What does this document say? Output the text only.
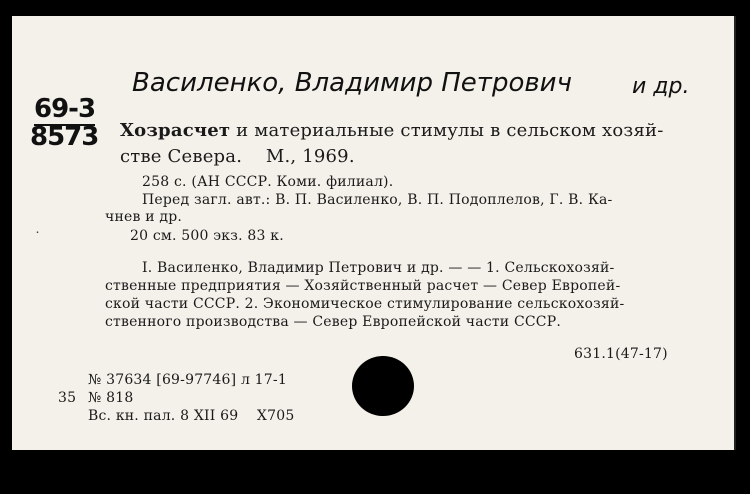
Василенко, Владимир Петрович	и др.
69-3
8573 Хозрасчет и материальные стимулы в сельском хозяй-
стве Севера.    М., 1969.
258 с. (АН СССР. Коми. филиал).
Перед загл. авт.: В. П. Василенко, В. П. Подоплелов, Г. В. Ка-
чнев и др.
20 см. 500 экз. 83 к.
˙
I. Василенко, Владимир Петрович и др. — — 1. Сельскохозяй-
ственные предприятия — Хозяйственный расчет — Север Европей-
ской части СССР. 2. Экономическое стимулирование сельскохозяй-
ственного производства — Север Европейской части СССР.
631.1(47-17)
№ 37634 [69-97746] л 17-1
35 № 818
Вс. кн. пал. 8 XII 69    X705
